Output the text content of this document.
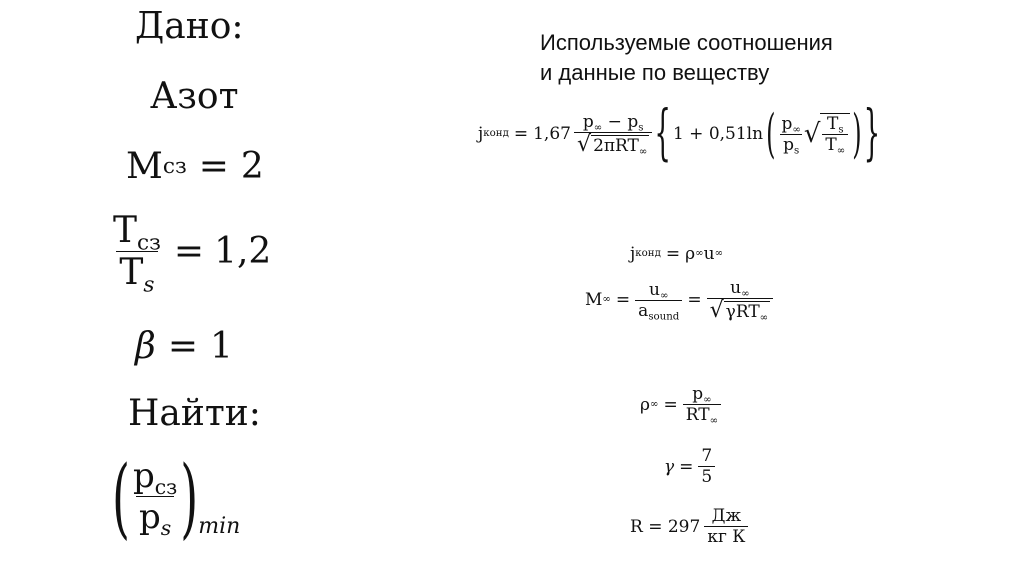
Дано:
Азот
M сз = 2
$\frac{T_{сз}}{T_s} = 1,2$
β = 1
Найти:
( $\frac{p_{сз}}{p_s}$ ) min
Используемые соотношения
и данные по веществу
j конд = $1,67 \frac{p_\infty - p_s}{√ 2\pi RT_\infty}$ { 1 + 0,51ln ( $\frac{p_\infty}{p_s}$ √ $\frac{T_s}{T_\infty}$ ) }
j конд = ρ ∞ u ∞
M ∞ = $\frac{u_\infty}{a_{sound}} = \frac{u_\infty}{√ \gamma RT_\infty}$
ρ ∞ = $\frac{p_\infty}{RT_\infty}$
$\gamma = \frac{7}{5}$
$R = 297 \frac{Дж}{\text{кг К}}$
